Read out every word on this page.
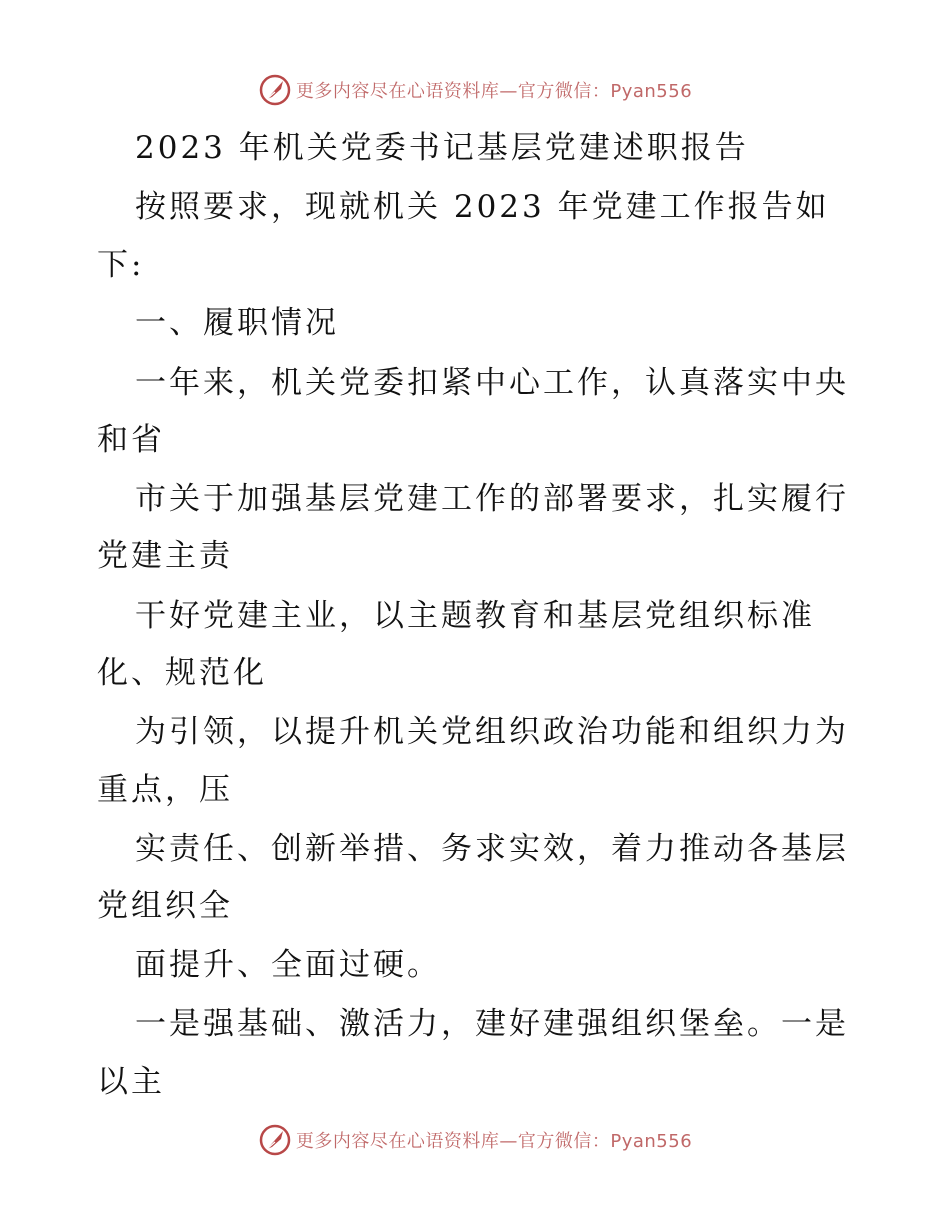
更多内容尽在心语资料库—官方微信：Pyan556
2023 年机关党委书记基层党建述职报告

按照要求，现就机关 2023 年党建工作报告如

下:

一、履职情况

一年来，机关党委扣紧中心工作，认真落实中央

和省

市关于加强基层党建工作的部署要求，扎实履行

党建主责

干好党建主业，以主题教育和基层党组织标准

化、规范化

为引领，以提升机关党组织政治功能和组织力为

重点，压

实责任、创新举措、务求实效，着力推动各基层

党组织全

面提升、全面过硬。

一是强基础、激活力，建好建强组织堡垒。一是

以主

更多内容尽在心语资料库—官方微信：Pyan556
